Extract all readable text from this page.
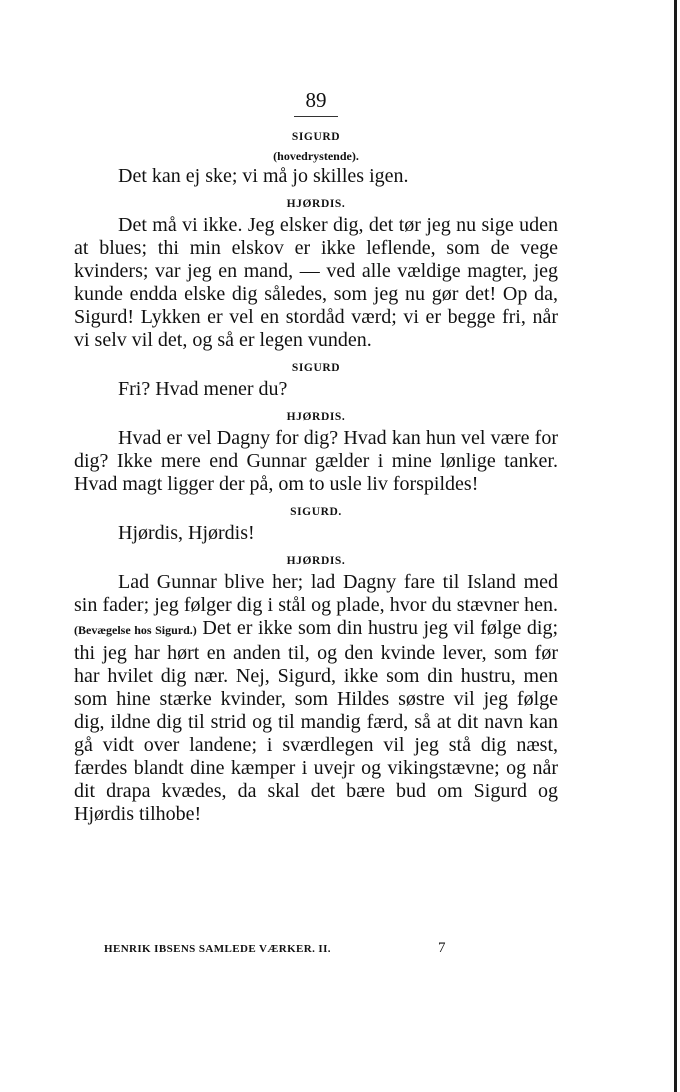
89

SIGURD

(hovedrystende).

Det kan ej ske; vi må jo skilles igen.

HJØRDIS.

Det må vi ikke. Jeg elsker dig, det tør jeg nu sige uden at blues; thi min elskov er ikke leflende, som de vege kvinders; var jeg en mand, — ved alle vældige magter, jeg kunde endda elske dig således, som jeg nu gør det! Op da, Sigurd! Lykken er vel en stordåd værd; vi er begge fri, når vi selv vil det, og så er legen vunden.

SIGURD

Fri? Hvad mener du?

HJØRDIS.

Hvad er vel Dagny for dig? Hvad kan hun vel være for dig? Ikke mere end Gunnar gælder i mine lønlige tanker. Hvad magt ligger der på, om to usle liv forspildes!

SIGURD.

Hjørdis, Hjørdis!

HJØRDIS.

Lad Gunnar blive her; lad Dagny fare til Island med sin fader; jeg følger dig i stål og plade, hvor du stævner hen. (Bevægelse hos Sigurd.) Det er ikke som din hustru jeg vil følge dig; thi jeg har hørt en anden til, og den kvinde lever, som før har hvilet dig nær. Nej, Sigurd, ikke som din hustru, men som hine stærke kvinder, som Hildes søstre vil jeg følge dig, ildne dig til strid og til mandig færd, så at dit navn kan gå vidt over landene; i sværdlegen vil jeg stå dig næst, færdes blandt dine kæmper i uvejr og vikingstævne; og når dit drapa kvædes, da skal det bære bud om Sigurd og Hjørdis tilhobe!

HENRIK IBSENS SAMLEDE VÆRKER. II.	7
